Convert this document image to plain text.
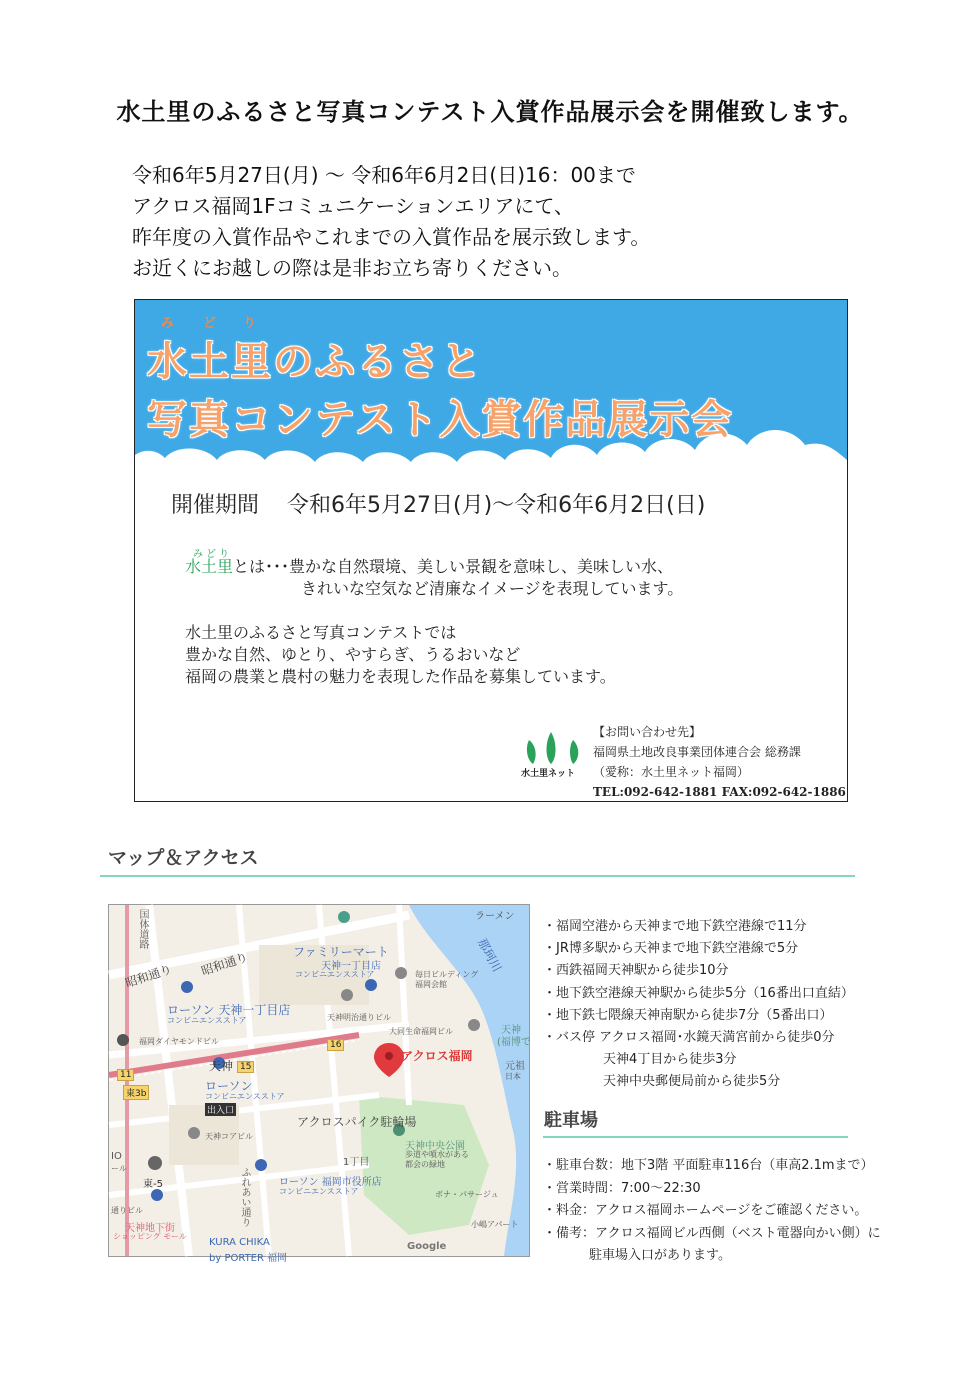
水土里のふるさと写真コンテスト入賞作品展示会を開催致します。
令和6年5月27日(月) ～ 令和6年6月2日(日)16：00まで
アクロス福岡1Fコミュニケーションエリアにて、
昨年度の入賞作品やこれまでの入賞作品を展示致します。
お近くにお越しの際は是非お立ち寄りください。
み ど り
水土里のふるさと
写真コンテスト入賞作品展示会
開催期間 令和6年5月27日(月)～令和6年6月2日(日)
みどり
水土里とは･･･豊かな自然環境、美しい景観を意味し、美味しい水、
きれいな空気など清廉なイメージを表現しています。
水土里のふるさと写真コンテストでは
豊かな自然、ゆとり、やすらぎ、うるおいなど
福岡の農業と農村の魅力を表現した作品を募集しています。
水土里ネット
【お問い合わせ先】
福岡県土地改良事業団体連合会 総務課
（愛称：水土里ネット福岡）
TEL:092-642-1881 FAX:092-642-1886
マップ＆アクセス
天神
11
15
16
東3b
東-5
出入口
ファミリーマート
天神一丁目店
コンビニエンスストア
ローソン 天神一丁目店
コンビニエンスストア
ローソン
コンビニエンスストア
ローソン 福岡市役所店
コンビニエンスストア
アクロス福岡
アクロスパイク駐輪場
天神中央公園
歩道や噴水がある
都会の緑地
福岡ダイヤモンドビル
天神明治通りビル
大同生命福岡ビル
毎日ビルディング
福岡会館
天神コアビル
那珂川
昭和通り 昭和通り
1丁目
ボナ・パサージュ
小嶋アパート
ラーメン
天神
(福博で
元祖
日本
IO
ール
通りビル
天神地下街
ショッピング モール
KURA CHIKA
by PORTER 福岡
国体道路
ふれあい通り
Google
・福岡空港から天神まで地下鉄空港線で11分
・JR博多駅から天神まで地下鉄空港線で5分
・西鉄福岡天神駅から徒歩10分
・地下鉄空港線天神駅から徒歩5分（16番出口直結）
・地下鉄七隈線天神南駅から徒歩7分（5番出口）
・バス停 アクロス福岡･水鏡天満宮前から徒歩0分
天神4丁目から徒歩3分
天神中央郵便局前から徒歩5分
駐車場
・駐車台数：地下3階 平面駐車116台（車高2.1mまで）
・営業時間：7:00～22:30
・料金：アクロス福岡ホームページをご確認ください。
・備考：アクロス福岡ビル西側（ベスト電器向かい側）に
駐車場入口があります。
